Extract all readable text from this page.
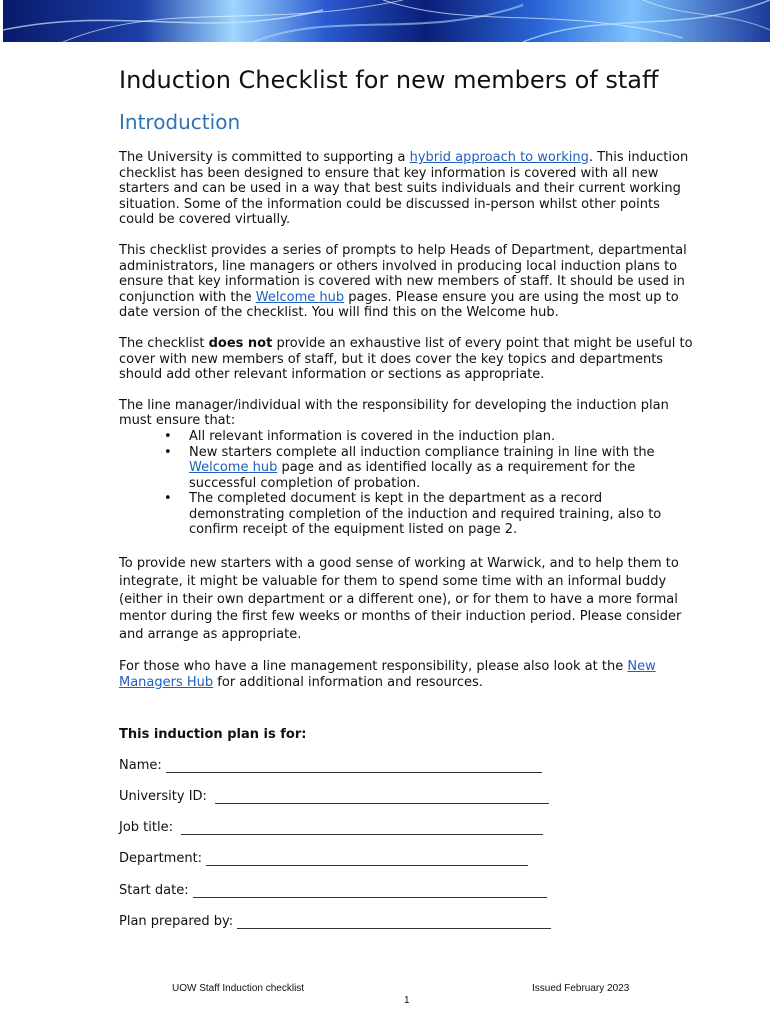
Induction Checklist for new members of staff
Introduction

The University is committed to supporting a hybrid approach to working. This induction checklist has been designed to ensure that key information is covered with all new starters and can be used in a way that best suits individuals and their current working situation. Some of the information could be discussed in-person whilst other points could be covered virtually.

This checklist provides a series of prompts to help Heads of Department, departmental administrators, line managers or others involved in producing local induction plans to ensure that key information is covered with new members of staff. It should be used in conjunction with the Welcome hub pages. Please ensure you are using the most up to date version of the checklist. You will find this on the Welcome hub.

The checklist does not provide an exhaustive list of every point that might be useful to cover with new members of staff, but it does cover the key topics and departments should add other relevant information or sections as appropriate.

The line manager/individual with the responsibility for developing the induction plan must ensure that:

• All relevant information is covered in the induction plan.
• New starters complete all induction compliance training in line with the Welcome hub page and as identified locally as a requirement for the successful completion of probation.
• The completed document is kept in the department as a record demonstrating completion of the induction and required training, also to confirm receipt of the equipment listed on page 2.

To provide new starters with a good sense of working at Warwick, and to help them to integrate, it might be valuable for them to spend some time with an informal buddy (either in their own department or a different one), or for them to have a more formal mentor during the first few weeks or months of their induction period. Please consider and arrange as appropriate.

For those who have a line management responsibility, please also look at the New Managers Hub for additional information and resources.

This induction plan is for:

Name:
University ID:
Job title:
Department:
Start date:
Plan prepared by:
UOW Staff Induction checklist	Issued February 2023
1
